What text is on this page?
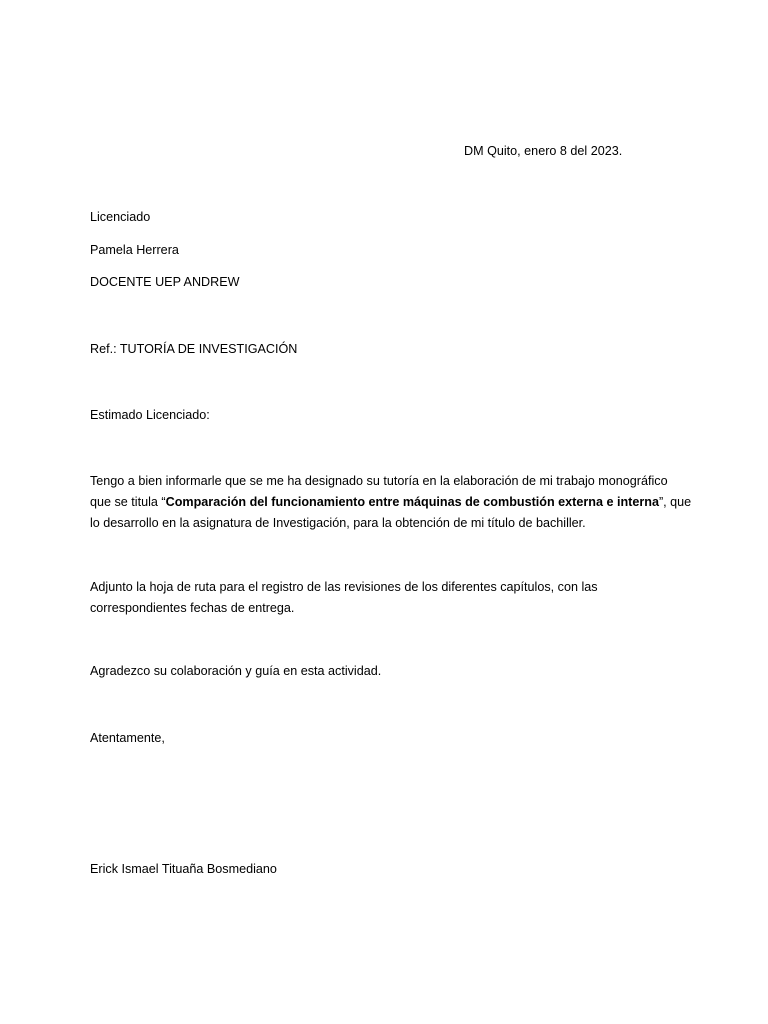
DM Quito, enero 8 del 2023.
Licenciado
Pamela Herrera
DOCENTE UEP ANDREW
Ref.: TUTORÍA DE INVESTIGACIÓN
Estimado Licenciado:
Tengo a bien informarle que se me ha designado su tutoría en la elaboración de mi trabajo monográfico
que se titula “Comparación del funcionamiento entre máquinas de combustión externa e interna”, que
lo desarrollo en la asignatura de Investigación, para la obtención de mi título de bachiller.
Adjunto la hoja de ruta para el registro de las revisiones de los diferentes capítulos, con las
correspondientes fechas de entrega.
Agradezco su colaboración y guía en esta actividad.
Atentamente,
Erick Ismael Tituaña Bosmediano
